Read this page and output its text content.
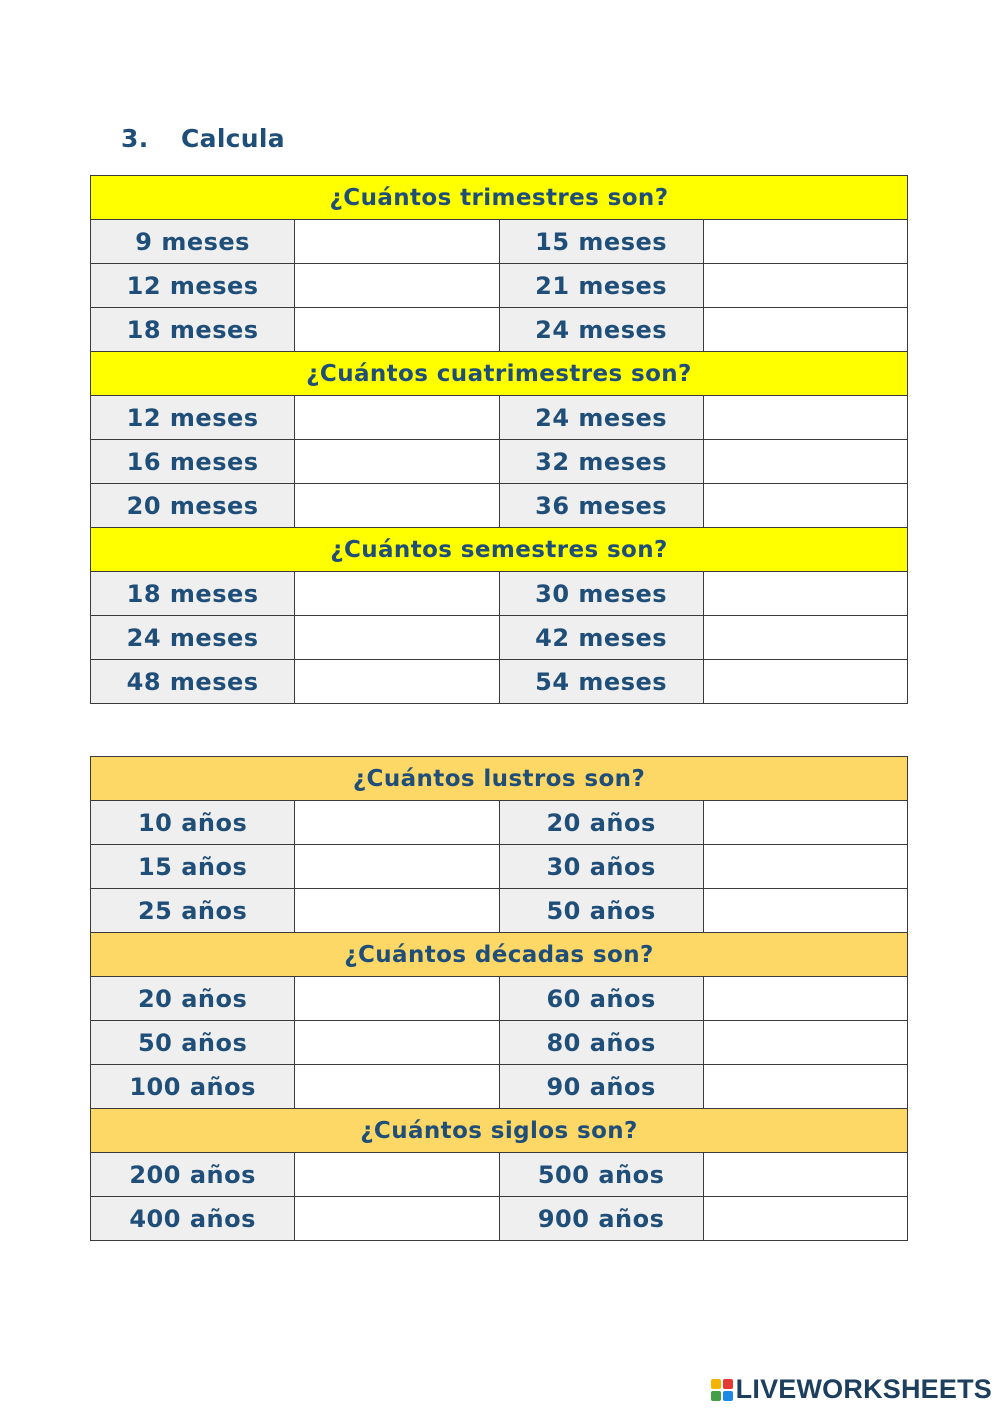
3.	Calcula
¿Cuántos trimestres son?			
9 meses		15 meses	
12 meses		21 meses	
18 meses		24 meses	
¿Cuántos cuatrimestres son?			
12 meses		24 meses	
16 meses		32 meses	
20 meses		36 meses	
¿Cuántos semestres son?			
18 meses		30 meses	
24 meses		42 meses	
48 meses		54 meses	
¿Cuántos lustros son?			
10 años		20 años	
15 años		30 años	
25 años		50 años	
¿Cuántos décadas son?			
20 años		60 años	
50 años		80 años	
100 años		90 años	
¿Cuántos siglos son?			
200 años		500 años	
400 años		900 años	
LIVEWORKSHEETS
